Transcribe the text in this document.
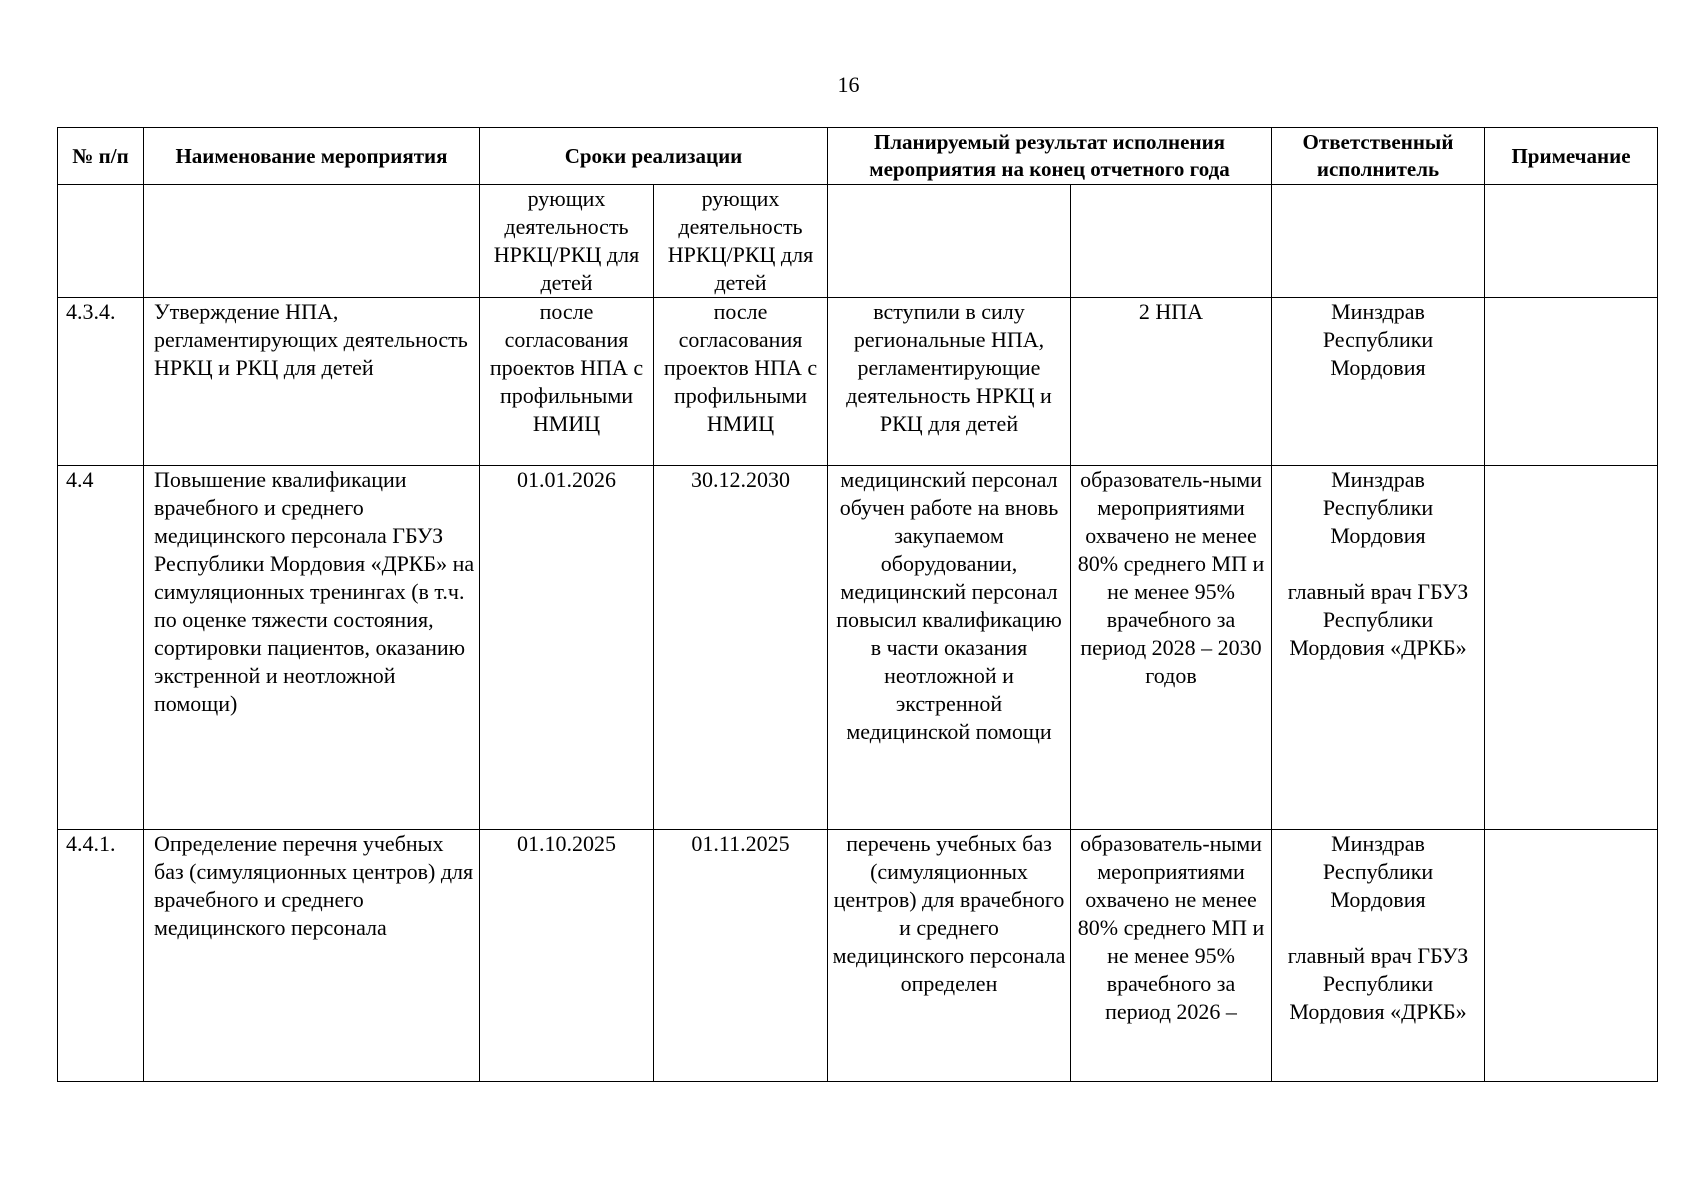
16
№ п/п	Наименование мероприятия	Сроки реализации		Планируемый результат исполнения мероприятия на конец отчетного года		Ответственный исполнитель	Примечание
		рующих деятельность НРКЦ/РКЦ для детей	рующих деятельность НРКЦ/РКЦ для детей				
4.3.4.	Утверждение НПА, регламентирующих деятельность НРКЦ и РКЦ для детей	после согласования проектов НПА с профильными НМИЦ	после согласования проектов НПА с профильными НМИЦ	вступили в силу региональные НПА, регламентирующие деятельность НРКЦ и РКЦ для детей	2 НПА	Минздрав Республики Мордовия	
4.4	Повышение квалификации врачебного и среднего медицинского персонала ГБУЗ Республики Мордовия «ДРКБ» на симуляционных тренингах (в т.ч. по оценке тяжести состояния, сортировки пациентов, оказанию экстренной и неотложной помощи)	01.01.2026	30.12.2030	медицинский персонал обучен работе на вновь закупаемом оборудовании, медицинский персонал повысил квалификацию в части оказания неотложной и экстренной медицинской помощи	образователь-ными мероприятиями охвачено не менее 80% среднего МП и не менее 95% врачебного за период 2028 – 2030 годов	Минздрав Республики Мордовия
главный врач ГБУЗ Республики Мордовия «ДРКБ»	

4.4.1.	Определение перечня учебных баз (симуляционных центров) для врачебного и среднего медицинского персонала	01.10.2025	01.11.2025	перечень учебных баз (симуляционных центров) для врачебного и среднего медицинского персонала определен	образователь-ными мероприятиями охвачено не менее 80% среднего МП и не менее 95% врачебного за период 2026 –	Минздрав Республики Мордовия
главный врач ГБУЗ Республики Мордовия «ДРКБ»	
